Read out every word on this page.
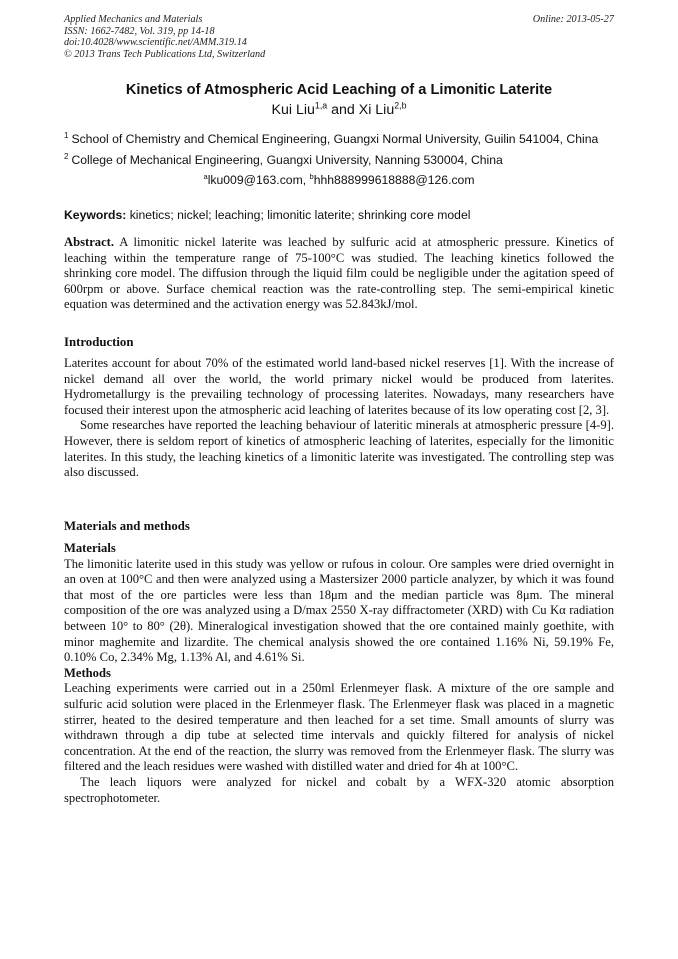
Applied Mechanics and Materials
ISSN: 1662-7482, Vol. 319, pp 14-18
doi:10.4028/www.scientific.net/AMM.319.14
© 2013 Trans Tech Publications Ltd, Switzerland
Online: 2013-05-27
Kinetics of Atmospheric Acid Leaching of a Limonitic Laterite
Kui Liu$^{1,a}$ and Xi Liu$^{2,b}$
$^1$ School of Chemistry and Chemical Engineering, Guangxi Normal University, Guilin 541004, China
$^2$ College of Mechanical Engineering, Guangxi University, Nanning 530004, China
$^a$lku009@163.com, $^b$hhh888999618888@126.com
Keywords: kinetics; nickel; leaching; limonitic laterite; shrinking core model

Abstract. A limonitic nickel laterite was leached by sulfuric acid at atmospheric pressure. Kinetics of leaching within the temperature range of 75-100°C was studied. The leaching kinetics followed the shrinking core model. The diffusion through the liquid film could be negligible under the agitation speed of 600rpm or above. Surface chemical reaction was the rate-controlling step. The semi-empirical kinetic equation was determined and the activation energy was 52.843kJ/mol.

Introduction

Laterites account for about 70% of the estimated world land-based nickel reserves [1]. With the increase of nickel demand all over the world, the world primary nickel would be produced from laterites. Hydrometallurgy is the prevailing technology of processing laterites. Nowadays, many researchers have focused their interest upon the atmospheric acid leaching of laterites because of its low operating cost [2, 3].

Some researches have reported the leaching behaviour of lateritic minerals at atmospheric pressure [4-9]. However, there is seldom report of kinetics of atmospheric leaching of laterites, especially for the limonitic laterites. In this study, the leaching kinetics of a limonitic laterite was investigated. The controlling step was also discussed.

Materials and methods

Materials

The limonitic laterite used in this study was yellow or rufous in colour. Ore samples were dried overnight in an oven at 100°C and then were analyzed using a Mastersizer 2000 particle analyzer, by which it was found that most of the ore particles were less than 18μm and the median particle was 8μm. The mineral composition of the ore was analyzed using a D/max 2550 X-ray diffractometer (XRD) with Cu Kα radiation between 10° to 80° (2θ). Mineralogical investigation showed that the ore contained mainly goethite, with minor maghemite and lizardite. The chemical analysis showed the ore contained 1.16% Ni, 59.19% Fe, 0.10% Co, 2.34% Mg, 1.13% Al, and 4.61% Si.

Methods

Leaching experiments were carried out in a 250ml Erlenmeyer flask. A mixture of the ore sample and sulfuric acid solution were placed in the Erlenmeyer flask. The Erlenmeyer flask was placed in a magnetic stirrer, heated to the desired temperature and then leached for a set time. Small amounts of slurry was withdrawn through a dip tube at selected time intervals and quickly filtered for analysis of nickel concentration. At the end of the reaction, the slurry was removed from the Erlenmeyer flask. The slurry was filtered and the leach residues were washed with distilled water and dried for 4h at 100°C.

The leach liquors were analyzed for nickel and cobalt by a WFX-320 atomic absorption spectrophotometer.
